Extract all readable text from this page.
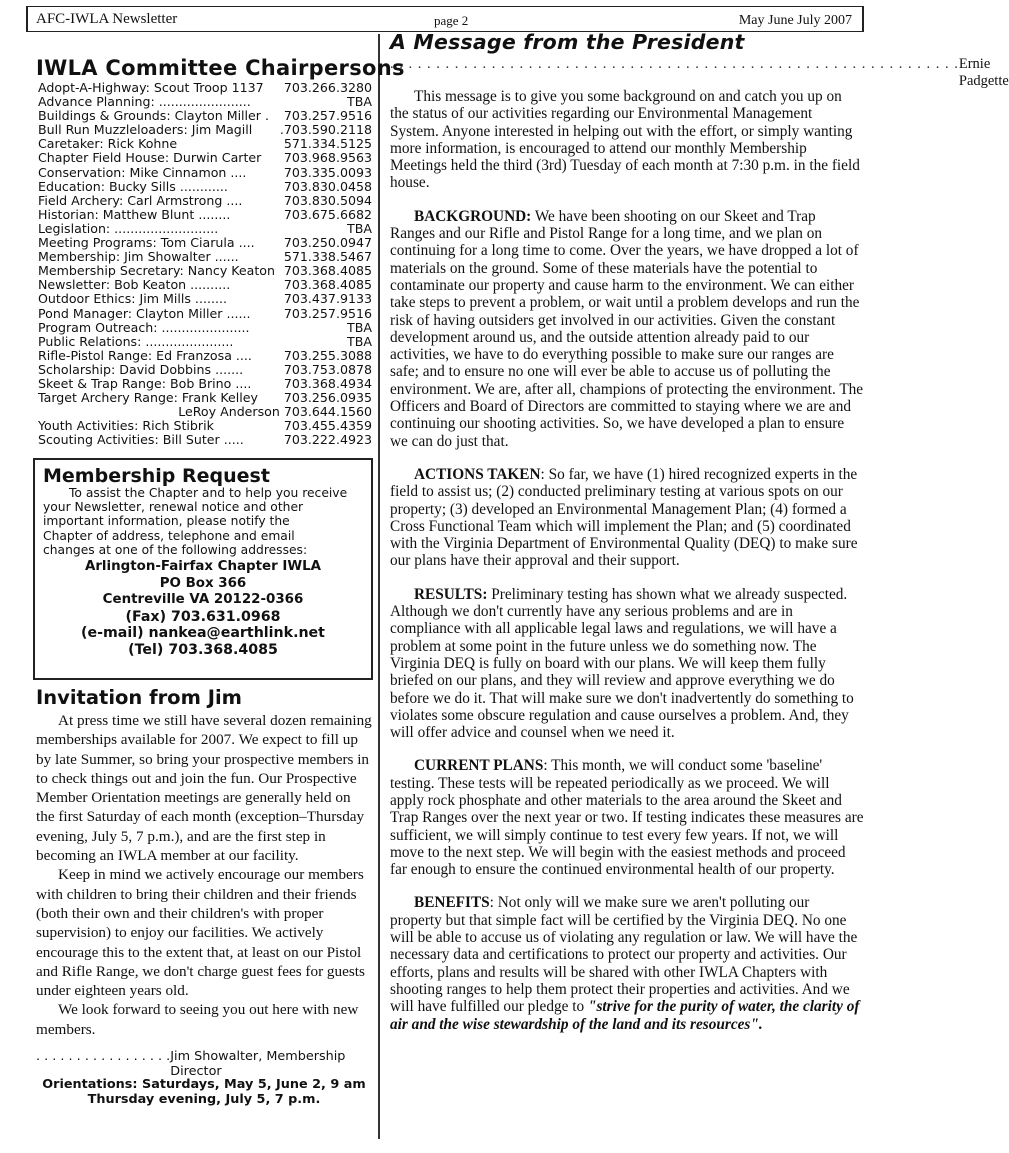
AFC-IWLA Newsletter	page 2	May June July 2007
IWLA Committee Chairpersons
Adopt-A-Highway: Scout Troop 1137	703.266.3280
Advance Planning: .......................	TBA
Buildings & Grounds: Clayton Miller .	703.257.9516
Bull Run Muzzleloaders: Jim Magill	.703.590.2118
Caretaker: Rick Kohne	571.334.5125
Chapter Field House: Durwin Carter	703.968.9563
Conservation: Mike Cinnamon ....	703.335.0093
Education: Bucky Sills ............	703.830.0458
Field Archery: Carl Armstrong ....	703.830.5094
Historian: Matthew Blunt ........	703.675.6682
Legislation: ..........................	TBA
Meeting Programs: Tom Ciarula ....	703.250.0947
Membership: Jim Showalter ......	571.338.5467
Membership Secretary: Nancy Keaton 703.368.4085
Newsletter: Bob Keaton ..........	703.368.4085
Outdoor Ethics: Jim Mills ........	703.437.9133
Pond Manager: Clayton Miller ......	703.257.9516
Program Outreach: ......................	TBA
Public Relations: ......................	TBA
Rifle-Pistol Range: Ed Franzosa ....	703.255.3088
Scholarship: David Dobbins .......	703.753.0878
Skeet & Trap Range: Bob Brino ....	703.368.4934
Target Archery Range: Frank Kelley	703.256.0935
LeRoy Anderson 703.644.1560
Youth Activities: Rich Stibrik	703.455.4359
Scouting Activities: Bill Suter .....	703.222.4923
Membership Request
To assist the Chapter and to help you receive
your Newsletter, renewal notice and other
important information, please notify the
Chapter of address, telephone and email
changes at one of the following addresses:
Arlington-Fairfax Chapter IWLA
PO Box 366
Centreville VA 20122-0366
(Fax) 703.631.0968
(e-mail) nankea@earthlink.net
(Tel) 703.368.4085
Invitation from Jim

At press time we still have several dozen remaining memberships available for 2007. We expect to fill up by late Summer, so bring your prospective members in to check things out and join the fun. Our Prospective Member Orientation meetings are generally held on the first Saturday of each month (exception–Thursday evening, July 5, 7 p.m.), and are the first step in becoming an IWLA member at our facility.

Keep in mind we actively encourage our members with children to bring their children and their friends (both their own and their children's with proper supervision) to enjoy our facilities. We actively encourage this to the extent that, at least on our Pistol and Rifle Range, we don't charge guest fees for guests under eighteen years old.

We look forward to seeing you out here with new members.

. . . . . . . . . . . . . . . . . Jim Showalter, Membership Director
Orientations: Saturdays, May 5, June 2, 9 am
Thursday evening, July 5, 7 p.m.
A Message from the President
. . . . . . . . . . . . . . . . . . . . . . . . . . . . . . . . . . . . . . . . . . . . . . . . . . . . . . . . . . . . . . Ernie Padgette

This message is to give you some background on and catch you up on the status of our activities regarding our Environmental Management System. Anyone interested in helping out with the effort, or simply wanting more information, is encouraged to attend our monthly Membership Meetings held the third (3rd) Tuesday of each month at 7:30 p.m. in the field house.

BACKGROUND: We have been shooting on our Skeet and Trap Ranges and our Rifle and Pistol Range for a long time, and we plan on continuing for a long time to come. Over the years, we have dropped a lot of materials on the ground. Some of these materials have the potential to contaminate our property and cause harm to the environment. We can either take steps to prevent a problem, or wait until a problem develops and run the risk of having outsiders get involved in our activities. Given the constant development around us, and the outside attention already paid to our activities, we have to do everything possible to make sure our ranges are safe; and to ensure no one will ever be able to accuse us of polluting the environment. We are, after all, champions of protecting the environment. The Officers and Board of Directors are committed to staying where we are and continuing our shooting activities. So, we have developed a plan to ensure we can do just that.

ACTIONS TAKEN: So far, we have (1) hired recognized experts in the field to assist us; (2) conducted preliminary testing at various spots on our property; (3) developed an Environmental Management Plan; (4) formed a Cross Functional Team which will implement the Plan; and (5) coordinated with the Virginia Department of Environmental Quality (DEQ) to make sure our plans have their approval and their support.

RESULTS: Preliminary testing has shown what we already suspected. Although we don't currently have any serious problems and are in compliance with all applicable legal laws and regulations, we will have a problem at some point in the future unless we do something now. The Virginia DEQ is fully on board with our plans. We will keep them fully briefed on our plans, and they will review and approve everything we do before we do it. That will make sure we don't inadvertently do something to violates some obscure regulation and cause ourselves a problem. And, they will offer advice and counsel when we need it.

CURRENT PLANS: This month, we will conduct some 'baseline' testing. These tests will be repeated periodically as we proceed. We will apply rock phosphate and other materials to the area around the Skeet and Trap Ranges over the next year or two. If testing indicates these measures are sufficient, we will simply continue to test every few years. If not, we will move to the next step. We will begin with the easiest methods and proceed far enough to ensure the continued environmental health of our property.

BENEFITS: Not only will we make sure we aren't polluting our property but that simple fact will be certified by the Virginia DEQ. No one will be able to accuse us of violating any regulation or law. We will have the necessary data and certifications to protect our property and activities. Our efforts, plans and results will be shared with other IWLA Chapters with shooting ranges to help them protect their properties and activities. And we will have fulfilled our pledge to "strive for the purity of water, the clarity of air and the wise stewardship of the land and its resources".
